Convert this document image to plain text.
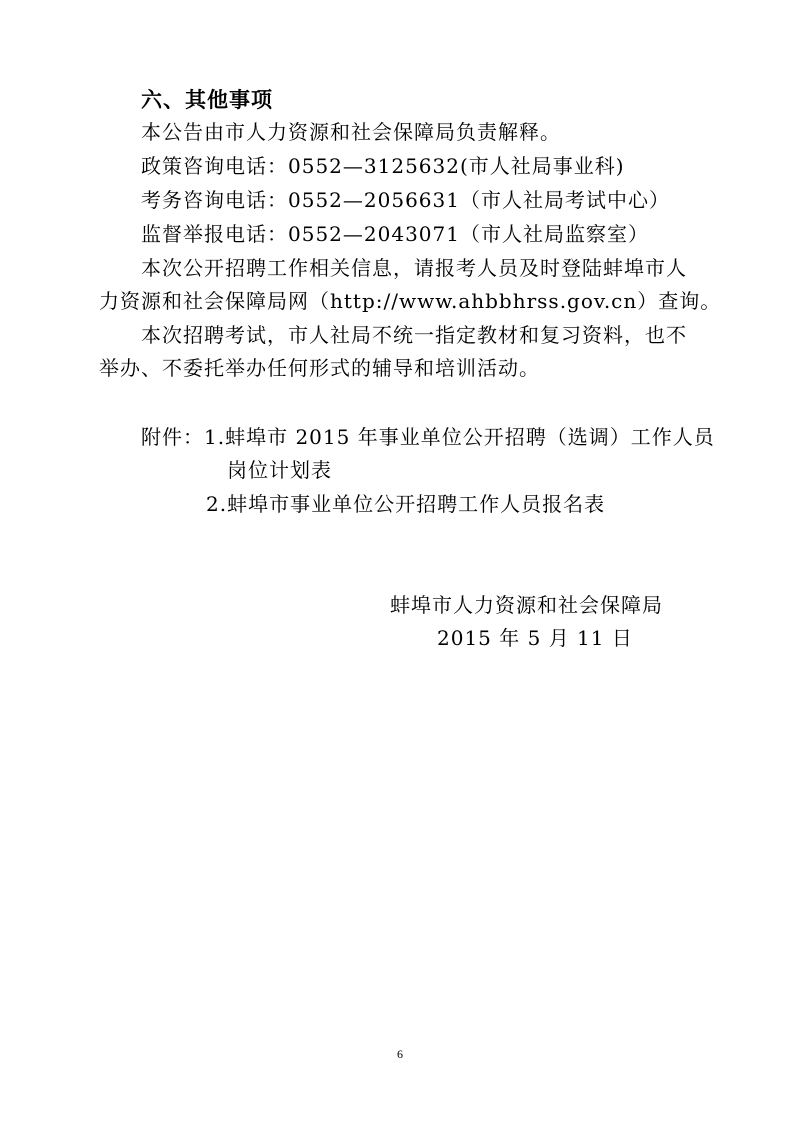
六、其他事项
本公告由市人力资源和社会保障局负责解释。
政策咨询电话：0552—3125632(市人社局事业科)
考务咨询电话：0552—2056631（市人社局考试中心）
监督举报电话：0552—2043071（市人社局监察室）
本次公开招聘工作相关信息，请报考人员及时登陆蚌埠市人
力资源和社会保障局网（http://www.ahbbhrss.gov.cn）查询。
本次招聘考试，市人社局不统一指定教材和复习资料，也不
举办、不委托举办任何形式的辅导和培训活动。
附件：1.蚌埠市 2015 年事业单位公开招聘（选调）工作人员
岗位计划表
2.蚌埠市事业单位公开招聘工作人员报名表
蚌埠市人力资源和社会保障局
2015 年 5 月 11 日
6
